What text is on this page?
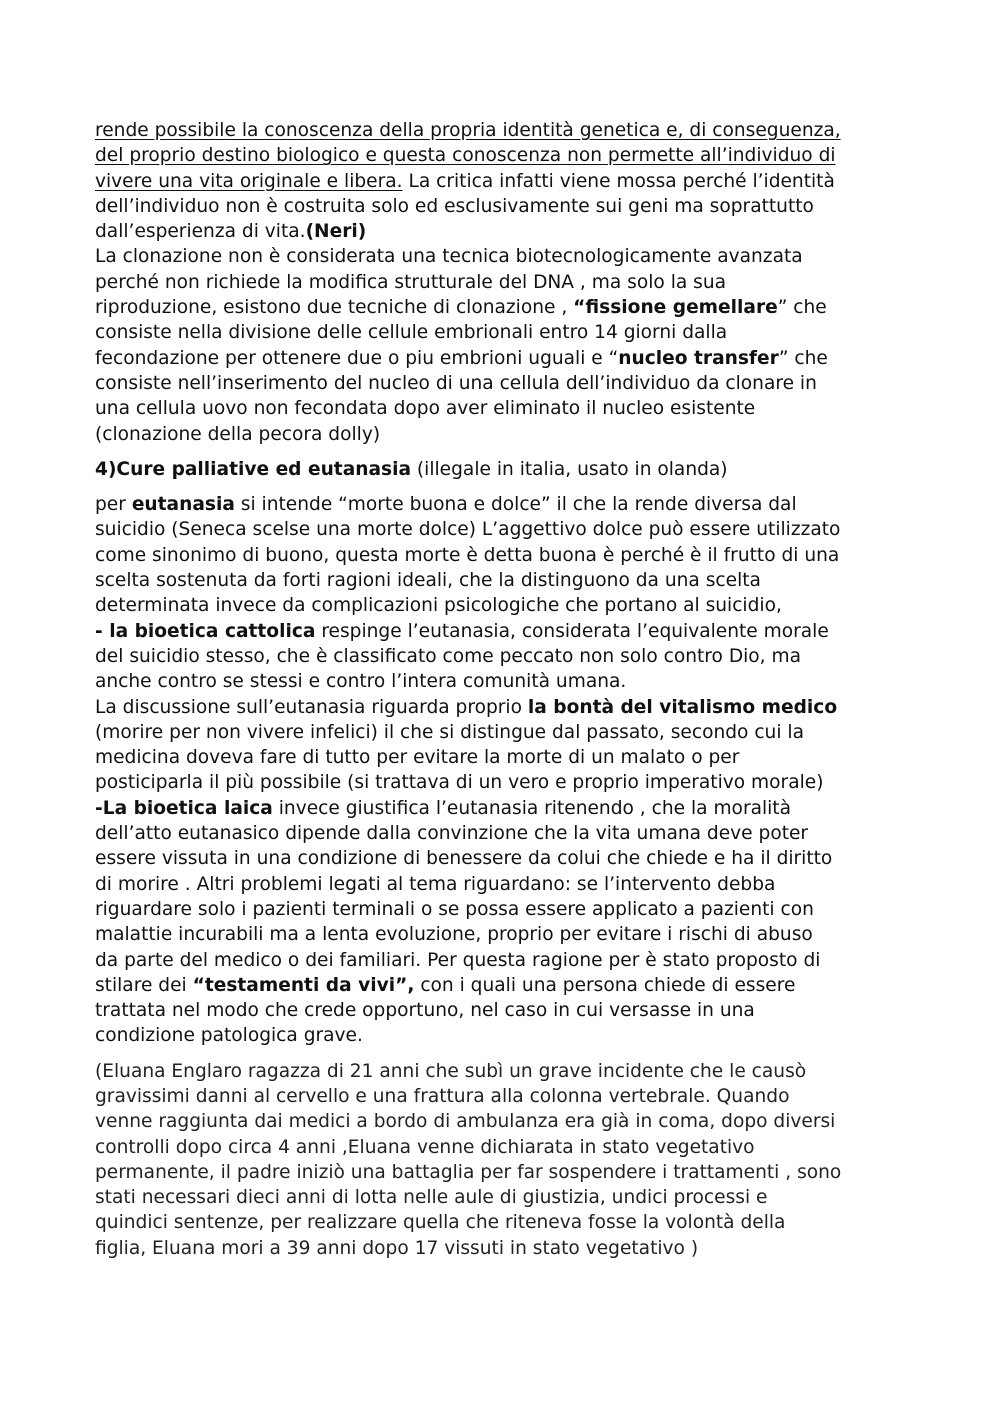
rende possibile la conoscenza della propria identità genetica e, di conseguenza,

del proprio destino biologico e questa conoscenza non permette all’individuo di

vivere una vita originale e libera. La critica infatti viene mossa perché l’identità

dell’individuo non è costruita solo ed esclusivamente sui geni ma soprattutto

dall’esperienza di vita.(Neri)

La clonazione non è considerata una tecnica biotecnologicamente avanzata

perché non richiede la modifica strutturale del DNA , ma solo la sua

riproduzione, esistono due tecniche di clonazione , “fissione gemellare” che

consiste nella divisione delle cellule embrionali entro 14 giorni dalla

fecondazione per ottenere due o piu embrioni uguali e “nucleo transfer” che

consiste nell’inserimento del nucleo di una cellula dell’individuo da clonare in

una cellula uovo non fecondata dopo aver eliminato il nucleo esistente

(clonazione della pecora dolly)

4)Cure palliative ed eutanasia (illegale in italia, usato in olanda)

per eutanasia si intende “morte buona e dolce” il che la rende diversa dal

suicidio (Seneca scelse una morte dolce) L’aggettivo dolce può essere utilizzato

come sinonimo di buono, questa morte è detta buona è perché è il frutto di una

scelta sostenuta da forti ragioni ideali, che la distinguono da una scelta

determinata invece da complicazioni psicologiche che portano al suicidio,

- la bioetica cattolica respinge l’eutanasia, considerata l’equivalente morale

del suicidio stesso, che è classificato come peccato non solo contro Dio, ma

anche contro se stessi e contro l’intera comunità umana.

La discussione sull’eutanasia riguarda proprio la bontà del vitalismo medico

(morire per non vivere infelici) il che si distingue dal passato, secondo cui la

medicina doveva fare di tutto per evitare la morte di un malato o per

posticiparla il più possibile (si trattava di un vero e proprio imperativo morale)

-La bioetica laica invece giustifica l’eutanasia ritenendo , che la moralità

dell’atto eutanasico dipende dalla convinzione che la vita umana deve poter

essere vissuta in una condizione di benessere da colui che chiede e ha il diritto

di morire . Altri problemi legati al tema riguardano: se l’intervento debba

riguardare solo i pazienti terminali o se possa essere applicato a pazienti con

malattie incurabili ma a lenta evoluzione, proprio per evitare i rischi di abuso

da parte del medico o dei familiari. Per questa ragione per è stato proposto di

stilare dei “testamenti da vivi”, con i quali una persona chiede di essere

trattata nel modo che crede opportuno, nel caso in cui versasse in una

condizione patologica grave.

(Eluana Englaro ragazza di 21 anni che subì un grave incidente che le causò

gravissimi danni al cervello e una frattura alla colonna vertebrale. Quando

venne raggiunta dai medici a bordo di ambulanza era già in coma, dopo diversi

controlli dopo circa 4 anni ,Eluana venne dichiarata in stato vegetativo

permanente, il padre iniziò una battaglia per far sospendere i trattamenti , sono

stati necessari dieci anni di lotta nelle aule di giustizia, undici processi e

quindici sentenze, per realizzare quella che riteneva fosse la volontà della

figlia, Eluana mori a 39 anni dopo 17 vissuti in stato vegetativo )
